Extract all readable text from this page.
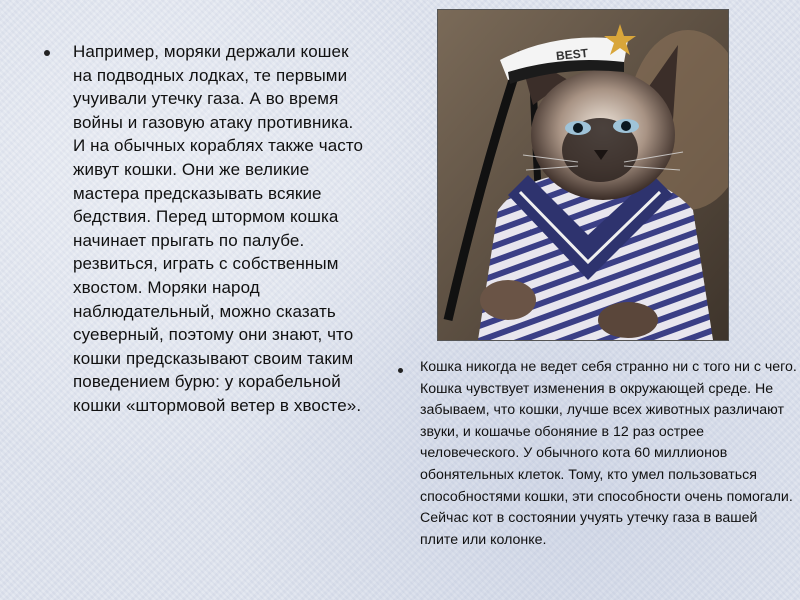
Например, моряки держали кошек на подводных лодках, те первыми учуивали утечку газа. А во время войны и газовую атаку противника. И на обычных кораблях также часто живут кошки. Они же великие мастера предсказывать всякие бедствия. Перед штормом кошка начинает прыгать по палубе. резвиться, играть с собственным хвостом. Моряки народ наблюдательный, можно сказать суеверный, поэтому они знают, что кошки предсказывают своим таким поведением бурю: у корабельной кошки «штормовой ветер в хвосте».
BEST
Кошка никогда не ведет себя странно ни с того ни с чего. Кошка чувствует изменения в окружающей среде. Не забываем, что кошки, лучше всех животных различают звуки, и кошачье обоняние в 12 раз острее человеческого. У обычного кота 60 миллионов обонятельных клеток. Тому, кто умел пользоваться способностями кошки, эти способности очень помогали. Сейчас кот в состоянии учуять утечку газа в вашей плите или колонке.
